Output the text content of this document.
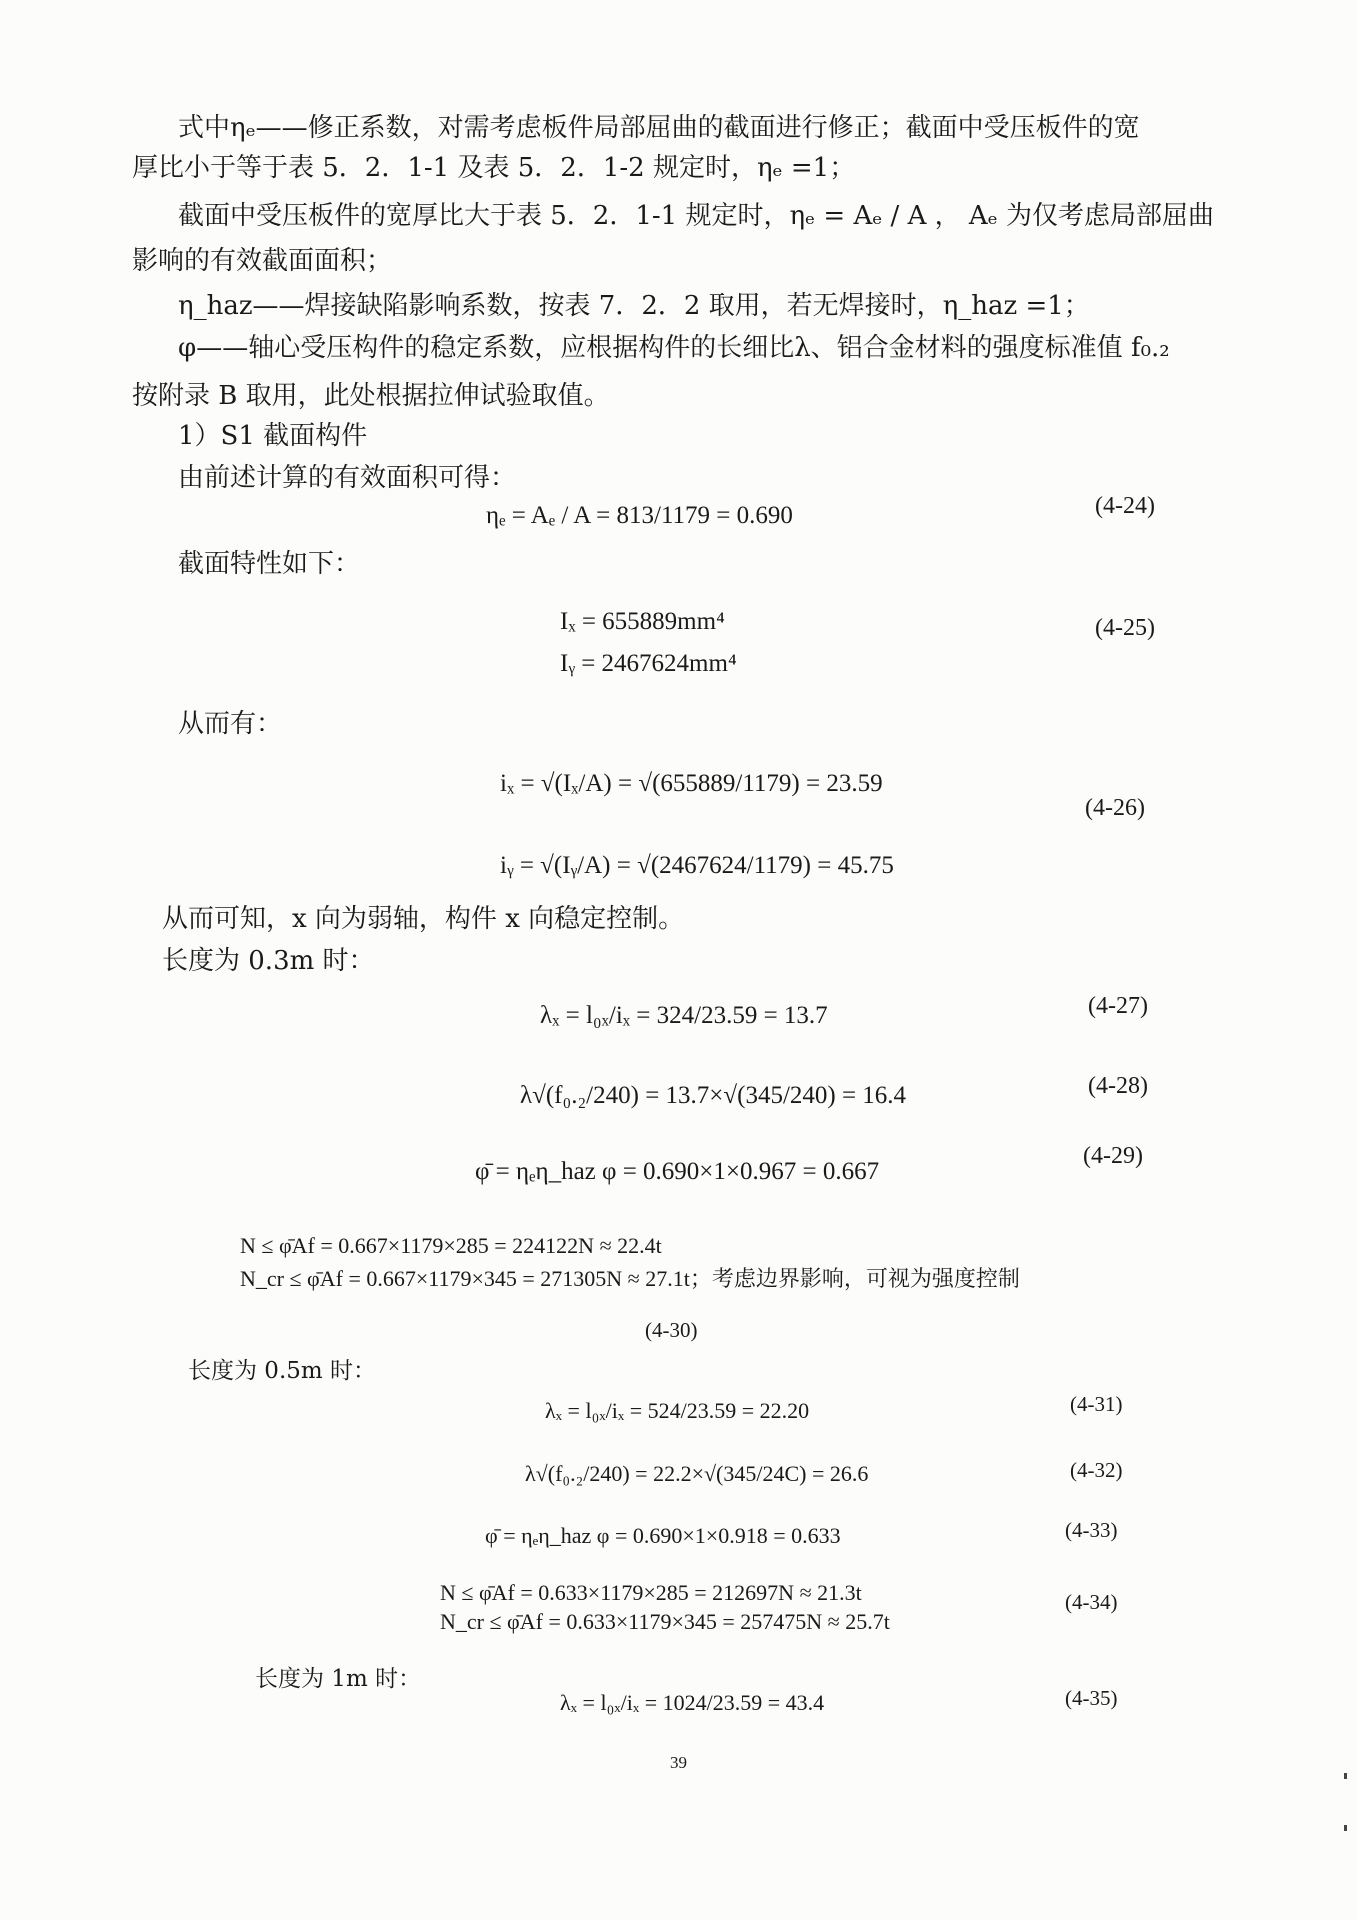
式中ηₑ——修正系数，对需考虑板件局部屈曲的截面进行修正；截面中受压板件的宽
厚比小于等于表 5．2．1-1 及表 5．2．1-2 规定时，ηₑ =1；
截面中受压板件的宽厚比大于表 5．2．1-1 规定时，ηₑ = Aₑ / A ， Aₑ 为仅考虑局部屈曲
影响的有效截面面积；
η_haz——焊接缺陷影响系数，按表 7．2．2 取用，若无焊接时，η_haz =1；
φ——轴心受压构件的稳定系数，应根据构件的长细比λ、铝合金材料的强度标准值 f₀.₂
按附录 B 取用，此处根据拉伸试验取值。
1）S1 截面构件
由前述计算的有效面积可得：
ηₑ = Aₑ / A = 813/1179 = 0.690	(4-24)
截面特性如下：
Iₓ = 655889mm⁴
Iᵧ = 2467624mm⁴
(4-25)
从而有：
iₓ = √(Iₓ/A) = √(655889/1179) = 23.59
iᵧ = √(Iᵧ/A) = √(2467624/1179) = 45.75
(4-26)
从而可知，x 向为弱轴，构件 x 向稳定控制。
长度为 0.3m 时：
λₓ = l₀ₓ/iₓ = 324/23.59 = 13.7	(4-27)
λ√(f₀.₂/240) = 13.7×√(345/240) = 16.4	(4-28)
φ̄ = ηₑη_haz φ = 0.690×1×0.967 = 0.667
(4-29)
N ≤ φ̄Af = 0.667×1179×285 = 224122N ≈ 22.4t
N_cr ≤ φ̄Af = 0.667×1179×345 = 271305N ≈ 27.1t；考虑边界影响，可视为强度控制
(4-30)
长度为 0.5m 时：
λₓ = l₀ₓ/iₓ = 524/23.59 = 22.20	(4-31)
λ√(f₀.₂/240) = 22.2×√(345/24C) = 26.6	(4-32)
φ̄ = ηₑη_haz φ = 0.690×1×0.918 = 0.633	(4-33)
N ≤ φ̄Af = 0.633×1179×285 = 212697N ≈ 21.3t
N_cr ≤ φ̄Af = 0.633×1179×345 = 257475N ≈ 25.7t
(4-34)
长度为 1m 时：
λₓ = l₀ₓ/iₓ = 1024/23.59 = 43.4	(4-35)
39
